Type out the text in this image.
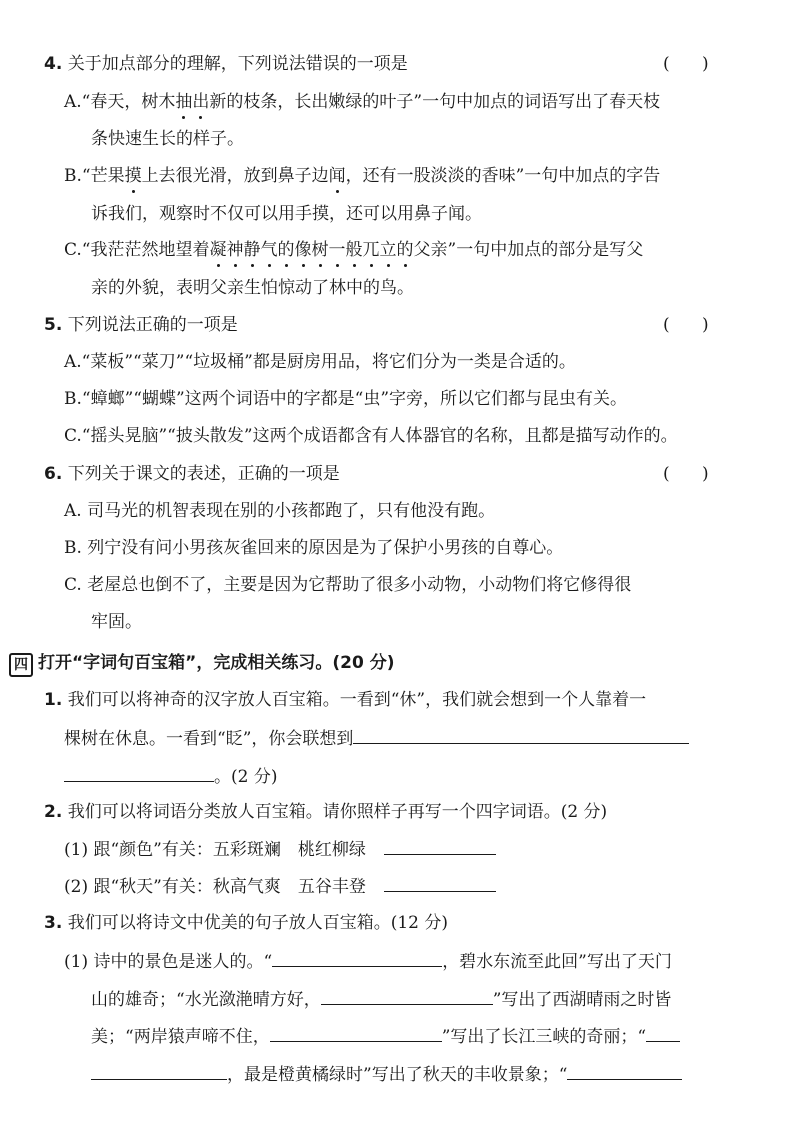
4. 关于加点部分的理解，下列说法错误的一项是	(      )
A.“春天，树木抽出新的枝条，长出嫩绿的叶子”一句中加点的词语写出了春天枝
条快速生长的样子。
B.“芒果摸上去很光滑，放到鼻子边闻，还有一股淡淡的香味”一句中加点的字告
诉我们，观察时不仅可以用手摸，还可以用鼻子闻。
C.“我茫茫然地望着凝神静气的像树一般兀立的父亲”一句中加点的部分是写父
亲的外貌，表明父亲生怕惊动了林中的鸟。
5. 下列说法正确的一项是	(      )
A.“菜板”“菜刀”“垃圾桶”都是厨房用品，将它们分为一类是合适的。
B.“蟑螂”“蝴蝶”这两个词语中的字都是“虫”字旁，所以它们都与昆虫有关。
C.“摇头晃脑”“披头散发”这两个成语都含有人体器官的名称，且都是描写动作的。
6. 下列关于课文的表述，正确的一项是	(      )
A. 司马光的机智表现在别的小孩都跑了，只有他没有跑。
B. 列宁没有问小男孩灰雀回来的原因是为了保护小男孩的自尊心。
C. 老屋总也倒不了，主要是因为它帮助了很多小动物，小动物们将它修得很
牢固。
四 打开“字词句百宝箱”，完成相关练习。(20 分)
1. 我们可以将神奇的汉字放人百宝箱。一看到“休”，我们就会想到一个人靠着一
棵树在休息。一看到“眨”，你会联想到
。(2 分)
2. 我们可以将词语分类放人百宝箱。请你照样子再写一个四字词语。(2 分)
(1) 跟“颜色”有关：五彩斑斓　桃红柳绿
(2) 跟“秋天”有关：秋高气爽　五谷丰登
3. 我们可以将诗文中优美的句子放人百宝箱。(12 分)
(1) 诗中的景色是迷人的。“	，碧水东流至此回”写出了天门
山的雄奇；“水光潋滟晴方好，	”写出了西湖晴雨之时皆
美；“两岸猿声啼不住，	”写出了长江三峡的奇丽；“
，最是橙黄橘绿时”写出了秋天的丰收景象；“
